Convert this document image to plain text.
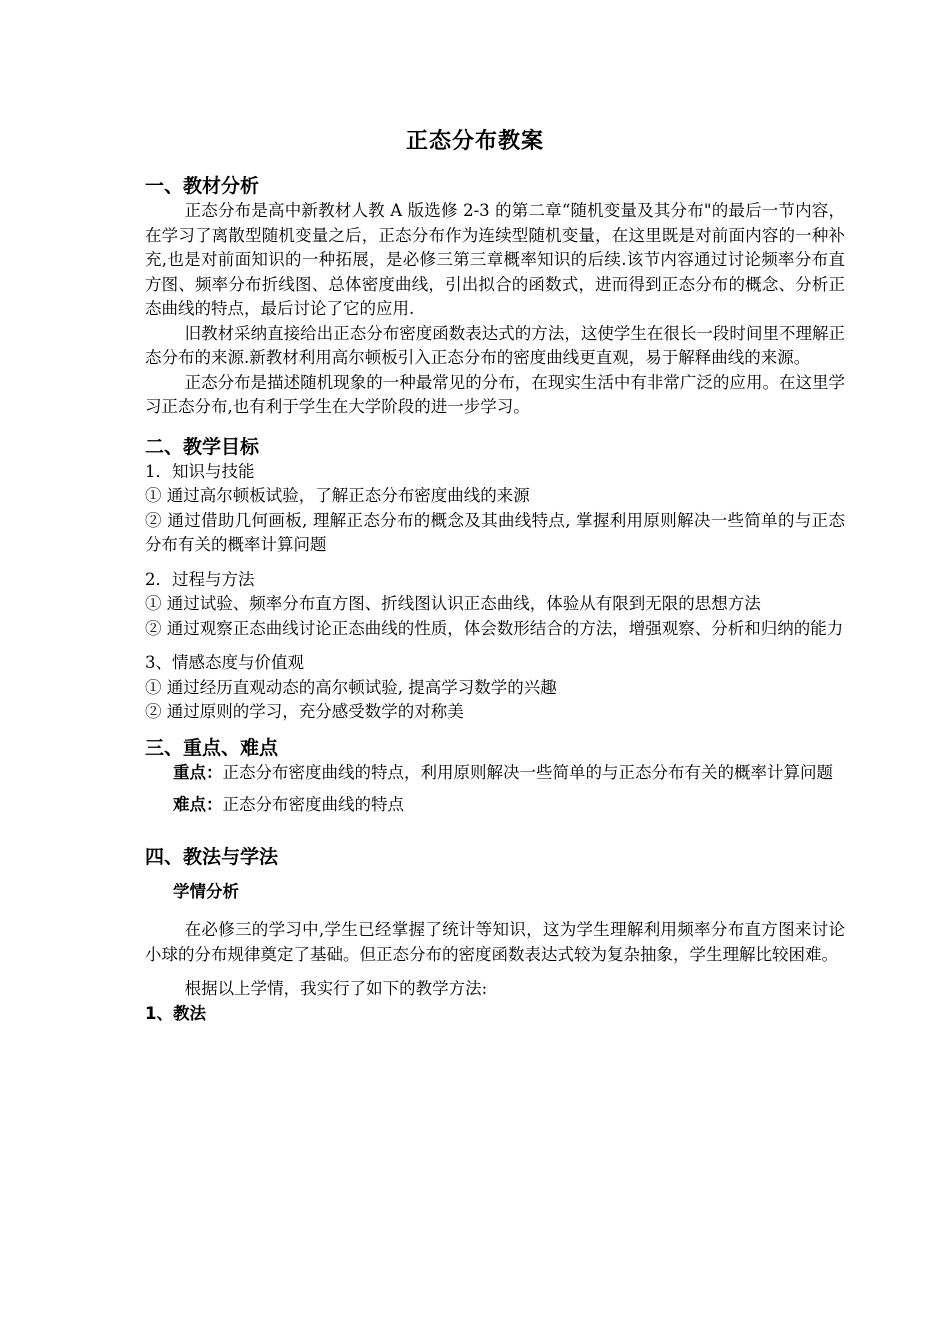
正态分布教案

一、教材分析

正态分布是高中新教材人教 A 版选修 2-3 的第二章“随机变量及其分布"的最后一节内容，在学习了离散型随机变量之后，正态分布作为连续型随机变量，在这里既是对前面内容的一种补充,也是对前面知识的一种拓展，是必修三第三章概率知识的后续.该节内容通过讨论频率分布直方图、频率分布折线图、总体密度曲线，引出拟合的函数式，进而得到正态分布的概念、分析正态曲线的特点，最后讨论了它的应用.

旧教材采纳直接给出正态分布密度函数表达式的方法，这使学生在很长一段时间里不理解正态分布的来源.新教材利用高尔顿板引入正态分布的密度曲线更直观，易于解释曲线的来源。

正态分布是描述随机现象的一种最常见的分布，在现实生活中有非常广泛的应用。在这里学习正态分布,也有利于学生在大学阶段的进一步学习。

二、教学目标

1．知识与技能

① 通过高尔顿板试验，了解正态分布密度曲线的来源

② 通过借助几何画板, 理解正态分布的概念及其曲线特点, 掌握利用原则解决一些简单的与正态分布有关的概率计算问题

2．过程与方法

① 通过试验、频率分布直方图、折线图认识正态曲线，体验从有限到无限的思想方法

② 通过观察正态曲线讨论正态曲线的性质，体会数形结合的方法，增强观察、分析和归纳的能力

3、情感态度与价值观

① 通过经历直观动态的高尔顿试验, 提高学习数学的兴趣

② 通过原则的学习，充分感受数学的对称美

三、重点、难点

重点：正态分布密度曲线的特点，利用原则解决一些简单的与正态分布有关的概率计算问题

难点：正态分布密度曲线的特点

四、教法与学法

学情分析

在必修三的学习中,学生已经掌握了统计等知识，这为学生理解利用频率分布直方图来讨论小球的分布规律奠定了基础。但正态分布的密度函数表达式较为复杂抽象，学生理解比较困难。

根据以上学情，我实行了如下的教学方法:

1、教法
